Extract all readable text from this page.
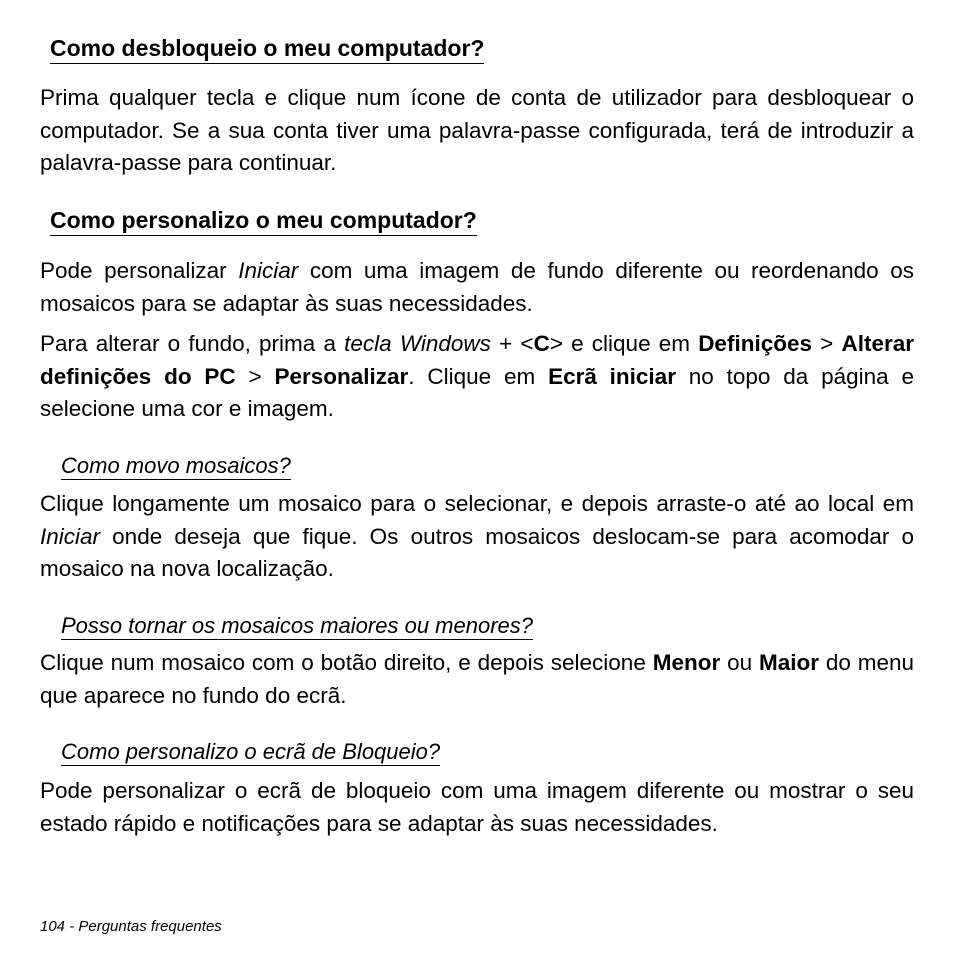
Como desbloqueio o meu computador?

Prima qualquer tecla e clique num ícone de conta de utilizador para desbloquear o computador. Se a sua conta tiver uma palavra-passe configurada, terá de introduzir a palavra-passe para continuar.

Como personalizo o meu computador?

Pode personalizar Iniciar com uma imagem de fundo diferente ou reordenando os mosaicos para se adaptar às suas necessidades.

Para alterar o fundo, prima a tecla Windows + <C> e clique em Definições > Alterar definições do PC > Personalizar. Clique em Ecrã iniciar no topo da página e selecione uma cor e imagem.

Como movo mosaicos?

Clique longamente um mosaico para o selecionar, e depois arraste-o até ao local em Iniciar onde deseja que fique. Os outros mosaicos deslocam-se para acomodar o mosaico na nova localização.

Posso tornar os mosaicos maiores ou menores?

Clique num mosaico com o botão direito, e depois selecione Menor ou Maior do menu que aparece no fundo do ecrã.

Como personalizo o ecrã de Bloqueio?

Pode personalizar o ecrã de bloqueio com uma imagem diferente ou mostrar o seu estado rápido e notificações para se adaptar às suas necessidades.

104 - Perguntas frequentes
